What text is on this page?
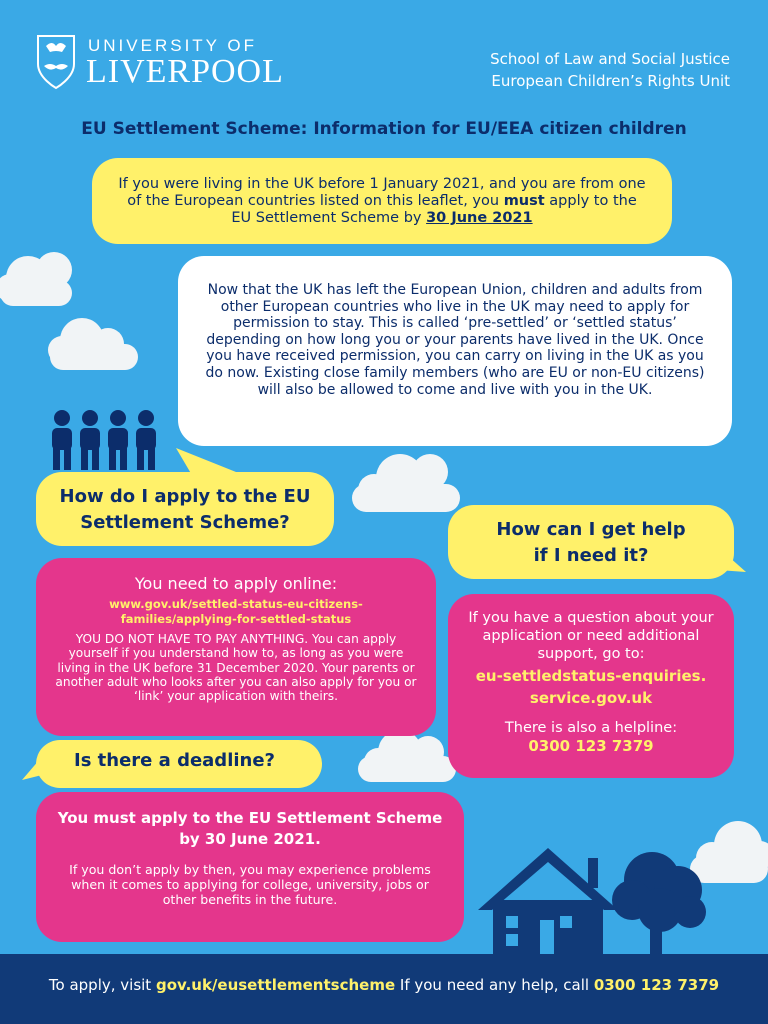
UNIVERSITY OF
LIVERPOOL	School of Law and Social Justice
European Children’s Rights Unit
EU Settlement Scheme: Information for EU/EEA citizen children
If you were living in the UK before 1 January 2021, and you are from one of the European countries listed on this leaflet, you must apply to the EU Settlement Scheme by 30 June 2021
Now that the UK has left the European Union, children and adults from other European countries who live in the UK may need to apply for permission to stay. This is called ‘pre-settled’ or ‘settled status’ depending on how long you or your parents have lived in the UK. Once you have received permission, you can carry on living in the UK as you do now. Existing close family members (who are EU or non-EU citizens) will also be allowed to come and live with you in the UK.
How do I apply to the EU
Settlement Scheme?	How can I get help
if I need it?
You need to apply online:
www.gov.uk/settled-status-eu-citizens-
families/applying-for-settled-status
YOU DO NOT HAVE TO PAY ANYTHING. You can apply yourself if you understand how to, as long as you were living in the UK before 31 December 2020. Your parents or another adult who looks after you can also apply for you or ‘link’ your application with theirs.
If you have a question about your application or need additional support, go to:
eu-settledstatus-enquiries.
service.gov.uk
There is also a helpline:
0300 123 7379
Is there a deadline?
You must apply to the EU Settlement Scheme by 30 June 2021.
If you don’t apply by then, you may experience problems when it comes to applying for college, university, jobs or other benefits in the future.
To apply, visit gov.uk/eusettlementscheme If you need any help, call 0300 123 7379
